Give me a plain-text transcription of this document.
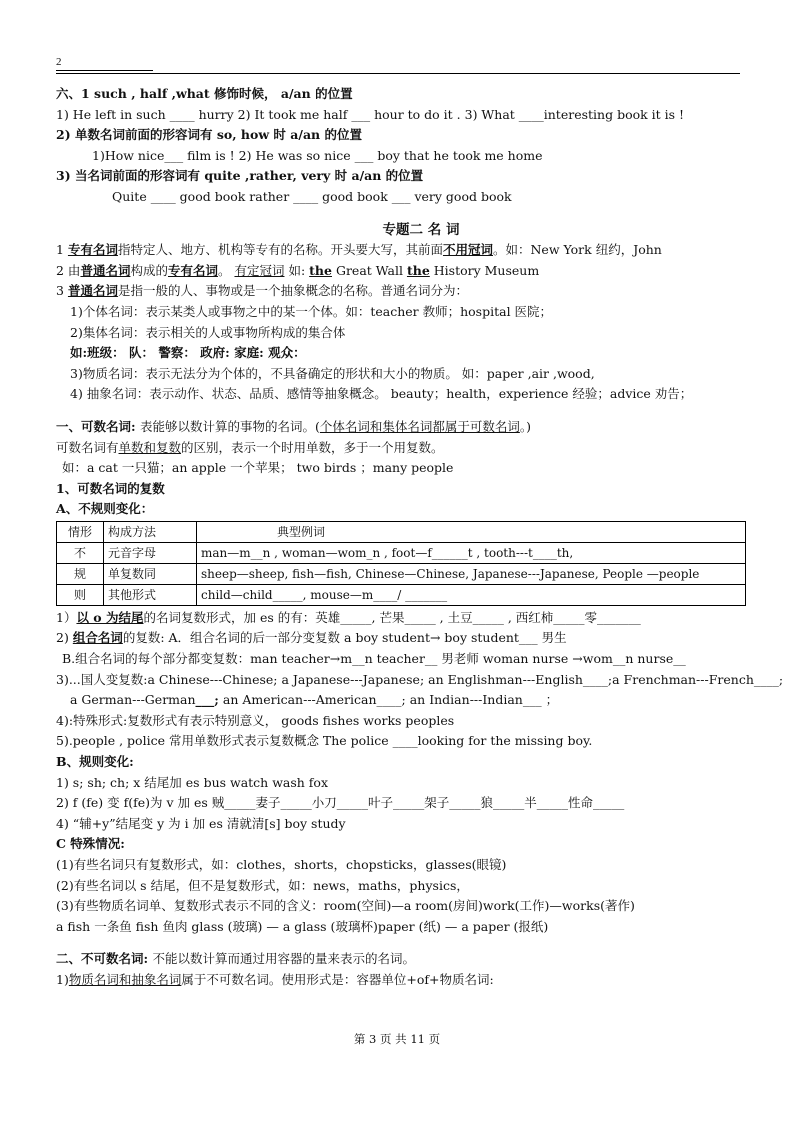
2
六、1 such , half ,what 修饰时候， a/an 的位置
1) He left in such ____ hurry 2) It took me half ___ hour to do it . 3) What ____interesting book it is !
2) 单数名词前面的形容词有 so, how 时 a/an 的位置
1)How nice___ film is ! 2) He was so nice ___ boy that he took me home
3) 当名词前面的形容词有 quite ,rather, very 时 a/an 的位置
Quite ____ good book rather ____ good book ___ very good book
专题二 名 词
1 专有名词指特定人、地方、机构等专有的名称。开头要大写，其前面不用冠词。如：New York 纽约，John
2 由普通名词构成的专有名词。 有定冠词 如: the Great Wall the History Museum
3 普通名词是指一般的人、事物或是一个抽象概念的名称。普通名词分为：
1)个体名词：表示某类人或事物之中的某一个体。如：teacher 教师；hospital 医院；
2)集体名词：表示相关的人或事物所构成的集合体
如:班级： 队： 警察： 政府: 家庭: 观众：
3)物质名词：表示无法分为个体的，不具备确定的形状和大小的物质。 如：paper ,air ,wood,
4) 抽象名词：表示动作、状态、品质、感情等抽象概念。 beauty；health，experience 经验；advice 劝告；
一、可数名词: 表能够以数计算的事物的名词。(个体名词和集体名词都属于可数名词。)
可数名词有单数和复数的区别，表示一个时用单数，多于一个用复数。
如：a cat 一只猫；an apple 一个苹果； two birds ；many people
1、可数名词的复数
A、不规则变化：
情形	构成方法	典型例词
不	元音字母	man—m__n , woman—wom_n , foot—f______t , tooth---t____th,
规	单复数同	sheep—sheep, fish—fish, Chinese—Chinese, Japanese---Japanese, People —people
则	其他形式	child—child_____, mouse—m____/ _______
1）以 o 为结尾的名词复数形式，加 es 的有：英雄_____, 芒果_____ , 土豆_____ , 西红柿_____零_______
2) 组合名词的复数: A．组合名词的后一部分变复数 a boy student→ boy student___ 男生
B.组合名词的每个部分都变复数：man teacher→m__n teacher__ 男老师 woman nurse →wom__n nurse__
3)...国人变复数:a Chinese---Chinese; a Japanese---Japanese; an Englishman---English____;a Frenchman---French____;
a German---German___; an American---American____; an Indian---Indian___ ；
4):特殊形式:复数形式有表示特别意义， goods fishes works peoples
5).people , police 常用单数形式表示复数概念 The police ____looking for the missing boy.
B、规则变化:
1) s; sh; ch; x 结尾加 es bus watch wash fox
2) f (fe) 变 f(fe)为 v 加 es 贼_____妻子_____小刀_____叶子_____架子_____狼_____半_____性命_____
4) “辅+y”结尾变 y 为 i 加 es 清就清[s] boy study
C 特殊情况:
(1)有些名词只有复数形式，如：clothes，shorts，chopsticks，glasses(眼镜)
(2)有些名词以 s 结尾，但不是复数形式，如：news，maths，physics，
(3)有些物质名词单、复数形式表示不同的含义：room(空间)—a room(房间)work(工作)—works(著作)
a fish 一条鱼 fish 鱼肉 glass (玻璃) — a glass (玻璃杯)paper (纸) — a paper (报纸)
二、不可数名词: 不能以数计算而通过用容器的量来表示的名词。
1)物质名词和抽象名词属于不可数名词。使用形式是：容器单位+of+物质名词:
第 3 页 共 11 页
